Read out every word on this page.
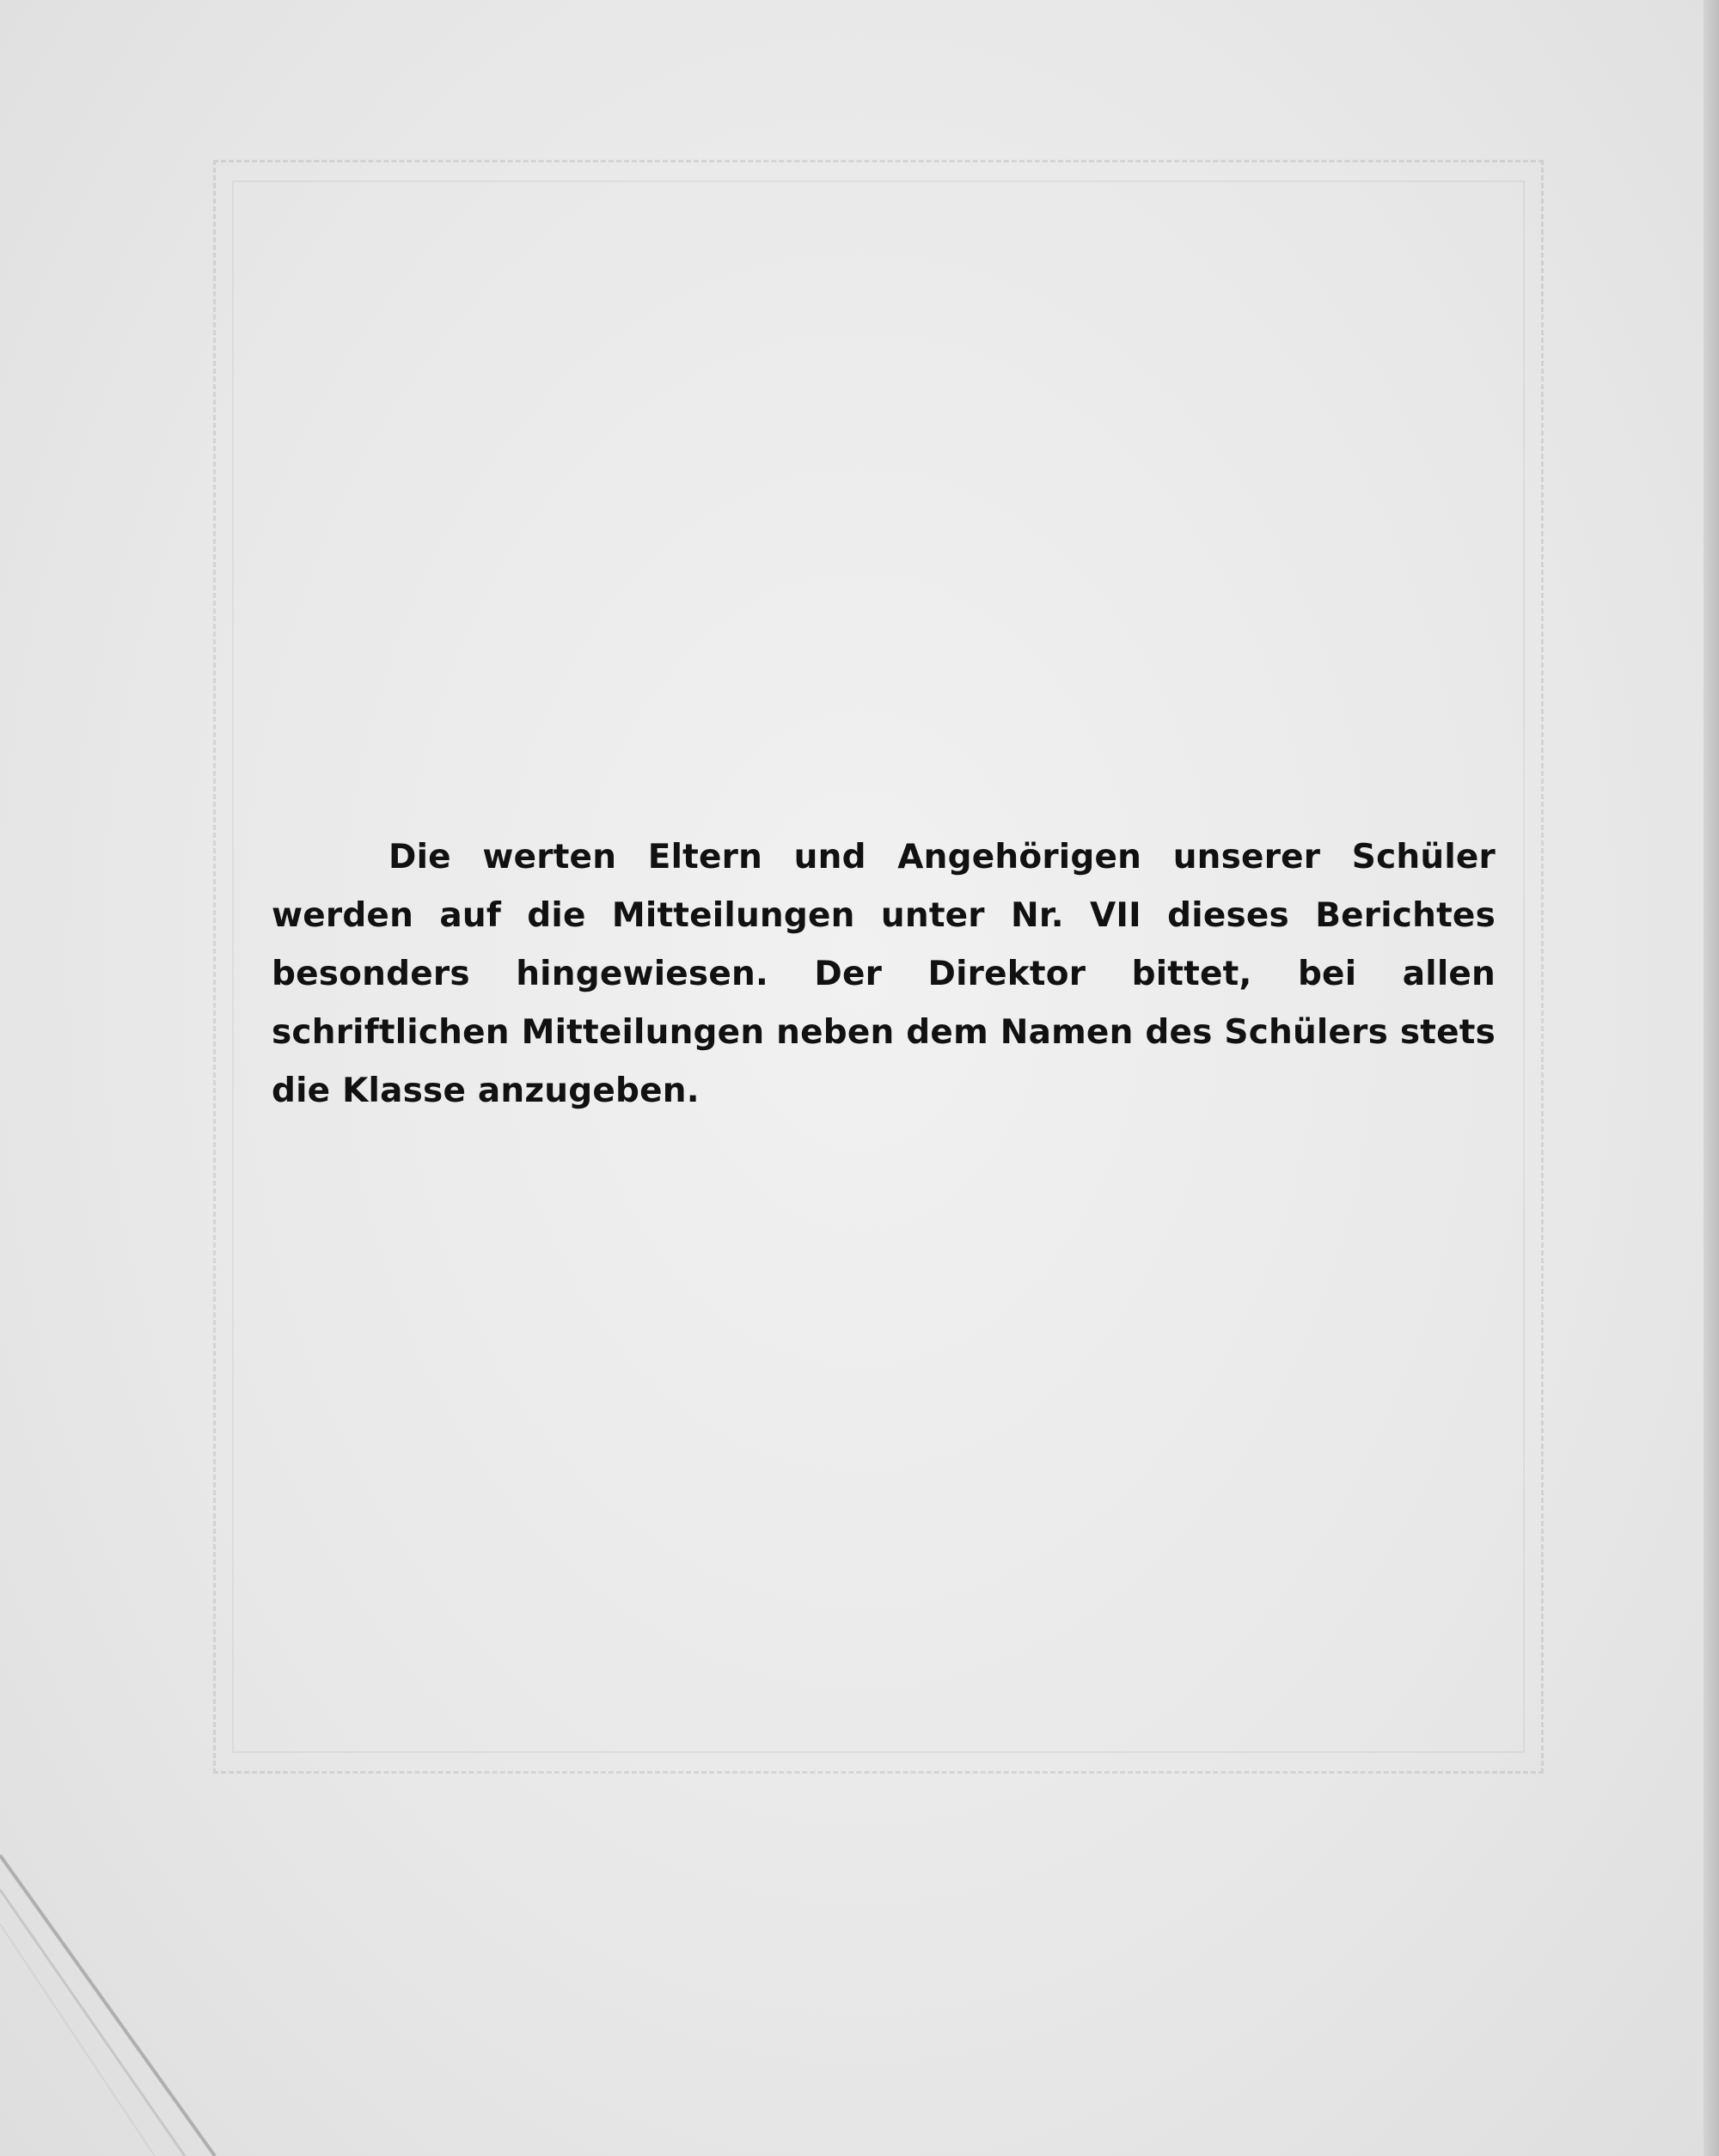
Die werten Eltern und Angehörigen unserer Schüler werden auf die Mitteilungen unter Nr. VII dieses Berichtes besonders hingewiesen. Der Direktor bittet, bei allen schriftlichen Mitteilungen neben dem Namen des Schülers stets die Klasse anzugeben.
